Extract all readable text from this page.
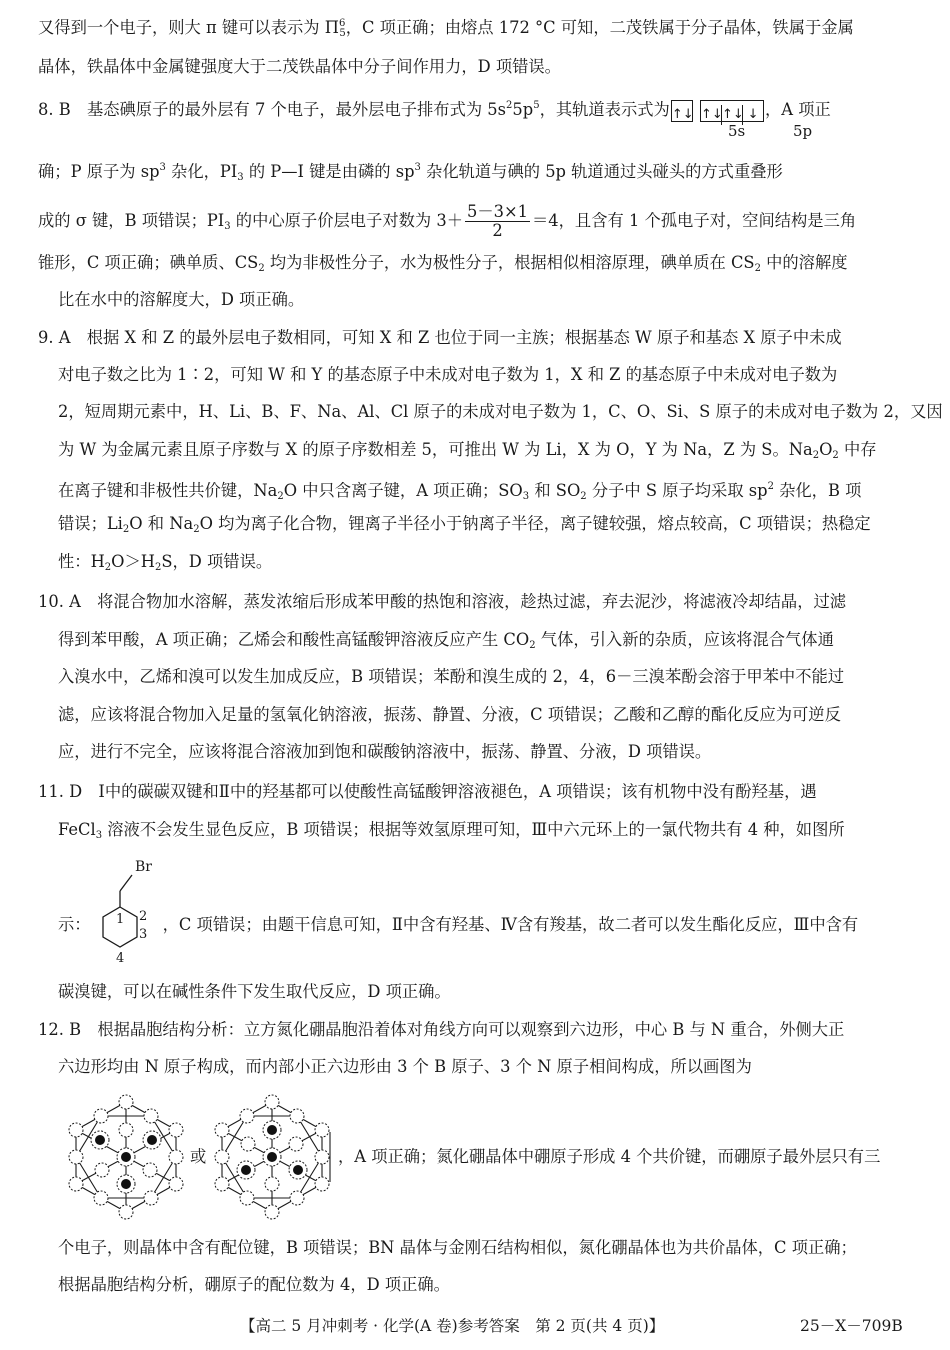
又得到一个电子，则大 π 键可以表示为 $\Pi^6_5$，C 项正确；由熔点 172 °C 可知，二茂铁属于分子晶体，铁属于金属
晶体，铁晶体中金属键强度大于二茂铁晶体中分子间作用力，D 项错误。
8. B　基态碘原子的最外层有 7 个电子，最外层电子排布式为 $5s^25p^5$，其轨道表示式为 ↑↓ ↑↓↑↓ ↓ ，A 项正
5s	5p
确；P 原子为 $sp^3$ 杂化，$PI_3$ 的 P—I 键是由磷的 $sp^3$ 杂化轨道与碘的 5p 轨道通过头碰头的方式重叠形
成的 σ 键，B 项错误；$PI_3$ 的中心原子价层电子对数为 $3+ \frac{5-3\times 1}{2} =4$，且含有 1 个孤电子对，空间结构是三角
锥形，C 项正确；碘单质、$CS_2$ 均为非极性分子，水为极性分子，根据相似相溶原理，碘单质在 $CS_2$ 中的溶解度
比在水中的溶解度大，D 项正确。
9. A　根据 X 和 Z 的最外层电子数相同，可知 X 和 Z 也位于同一主族；根据基态 W 原子和基态 X 原子中未成
对电子数之比为 1∶2，可知 W 和 Y 的基态原子中未成对电子数为 1，X 和 Z 的基态原子中未成对电子数为
2，短周期元素中，H、Li、B、F、Na、Al、Cl 原子的未成对电子数为 1，C、O、Si、S 原子的未成对电子数为 2，又因
为 W 为金属元素且原子序数与 X 的原子序数相差 5，可推出 W 为 Li，X 为 O，Y 为 Na，Z 为 S。$Na_2O_2$ 中存
在离子键和非极性共价键，$Na_2O$ 中只含离子键，A 项正确；$SO_3$ 和 $SO_2$ 分子中 S 原子均采取 $sp^2$ 杂化，B 项
错误；$Li_2O$ 和 $Na_2O$ 均为离子化合物，锂离子半径小于钠离子半径，离子键较强，熔点较高，C 项错误；热稳定
性：$H_2O>H_2S$，D 项错误。
10. A　将混合物加水溶解，蒸发浓缩后形成苯甲酸的热饱和溶液，趁热过滤，弃去泥沙，将滤液冷却结晶，过滤
得到苯甲酸，A 项正确；乙烯会和酸性高锰酸钾溶液反应产生 $CO_2$ 气体，引入新的杂质，应该将混合气体通
入溴水中，乙烯和溴可以发生加成反应，B 项错误；苯酚和溴生成的 2，4，6－三溴苯酚会溶于甲苯中不能过
滤，应该将混合物加入足量的氢氧化钠溶液，振荡、静置、分液，C 项错误；乙酸和乙醇的酯化反应为可逆反
应，进行不完全，应该将混合溶液加到饱和碳酸钠溶液中，振荡、静置、分液，D 项错误。
11. D　Ⅰ中的碳碳双键和Ⅱ中的羟基都可以使酸性高锰酸钾溶液褪色，A 项错误；该有机物中没有酚羟基，遇
FeCl$_3$ 溶液不会发生显色反应，B 项错误；根据等效氢原理可知，Ⅲ中六元环上的一氯代物共有 4 种，如图所
示：	，C 项错误；由题干信息可知，Ⅱ中含有羟基、Ⅳ含有羧基，故二者可以发生酯化反应，Ⅲ中含有
Br
1 2
3
4
碳溴键，可以在碱性条件下发生取代反应，D 项正确。
12. B　根据晶胞结构分析：立方氮化硼晶胞沿着体对角线方向可以观察到六边形，中心 B 与 N 重合，外侧大正
六边形均由 N 原子构成，而内部小正六边形由 3 个 B 原子、3 个 N 原子相间构成，所以画图为
或	，A 项正确；氮化硼晶体中硼原子形成 4 个共价键，而硼原子最外层只有三
个电子，则晶体中含有配位键，B 项错误；BN 晶体与金刚石结构相似，氮化硼晶体也为共价晶体，C 项正确；
根据晶胞结构分析，硼原子的配位数为 4，D 项正确。
【高二 5 月冲刺考 · 化学(A 卷)参考答案　第 2 页(共 4 页)】	25－X－709B
